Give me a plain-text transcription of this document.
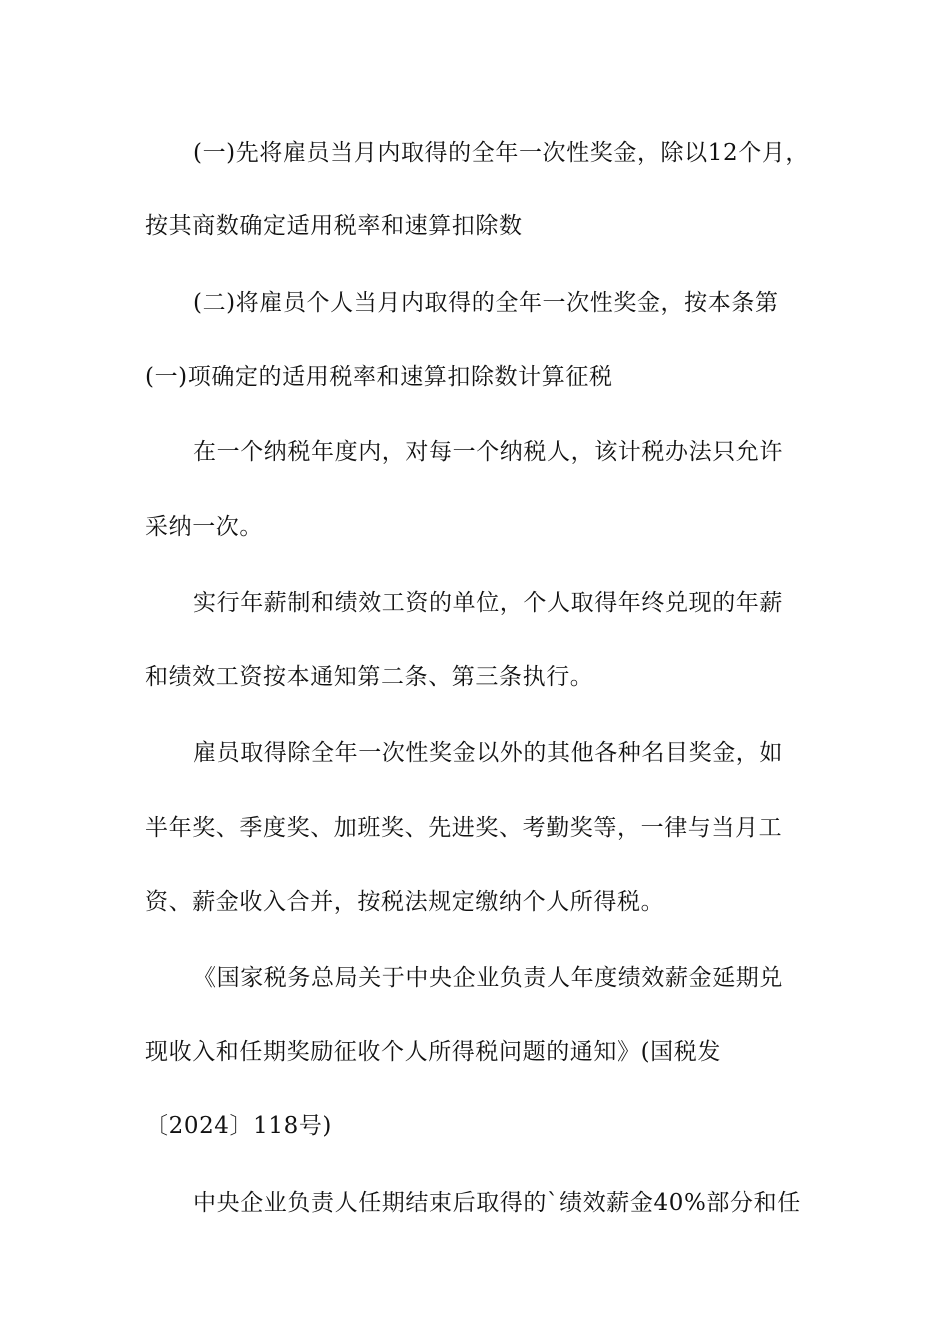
(一)先将雇员当月内取得的全年一次性奖金，除以12个月，
按其商数确定适用税率和速算扣除数
(二)将雇员个人当月内取得的全年一次性奖金，按本条第
(一)项确定的适用税率和速算扣除数计算征税
在一个纳税年度内，对每一个纳税人，该计税办法只允许
采纳一次。
实行年薪制和绩效工资的单位，个人取得年终兑现的年薪
和绩效工资按本通知第二条、第三条执行。
雇员取得除全年一次性奖金以外的其他各种名目奖金，如
半年奖、季度奖、加班奖、先进奖、考勤奖等，一律与当月工
资、薪金收入合并，按税法规定缴纳个人所得税。
《国家税务总局关于中央企业负责人年度绩效薪金延期兑
现收入和任期奖励征收个人所得税问题的通知》(国税发
〔2024〕118号)
中央企业负责人任期结束后取得的`绩效薪金40%部分和任
